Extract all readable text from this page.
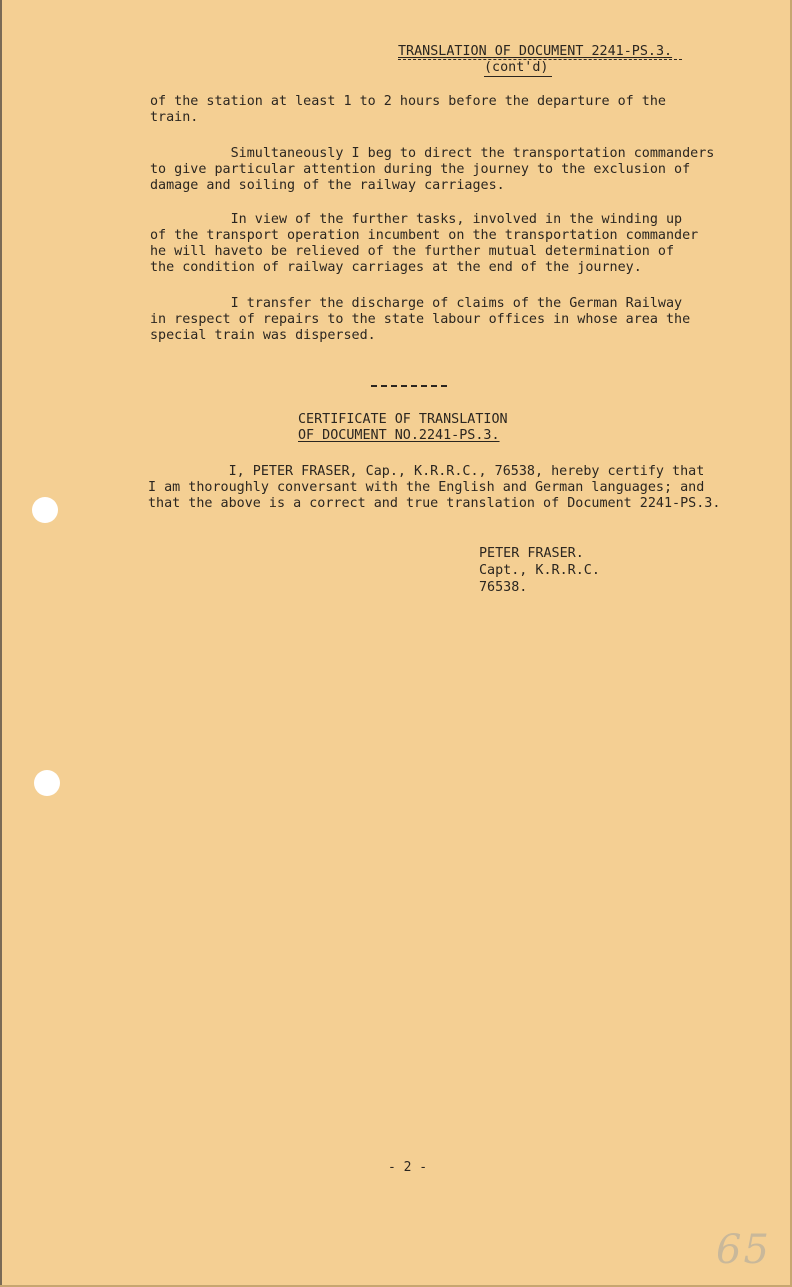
TRANSLATION OF DOCUMENT 2241-PS.3.
(cont'd)
of the station at least 1 to 2 hours before the departure of the
train.
Simultaneously I beg to direct the transportation commanders
to give particular attention during the journey to the exclusion of
damage and soiling of the railway carriages.
In view of the further tasks, involved in the winding up
of the transport operation incumbent on the transportation commander
he will haveto be relieved of the further mutual determination of
the condition of railway carriages at the end of the journey.
I transfer the discharge of claims of the German Railway
in respect of repairs to the state labour offices in whose area the
special train was dispersed.
CERTIFICATE OF TRANSLATION
OF DOCUMENT NO.2241-PS.3.
I, PETER FRASER, Cap., K.R.R.C., 76538, hereby certify that
I am thoroughly conversant with the English and German languages; and
that the above is a correct and true translation of Document 2241-PS.3.
PETER FRASER.
Capt., K.R.R.C.
76538.
- 2 -
65
